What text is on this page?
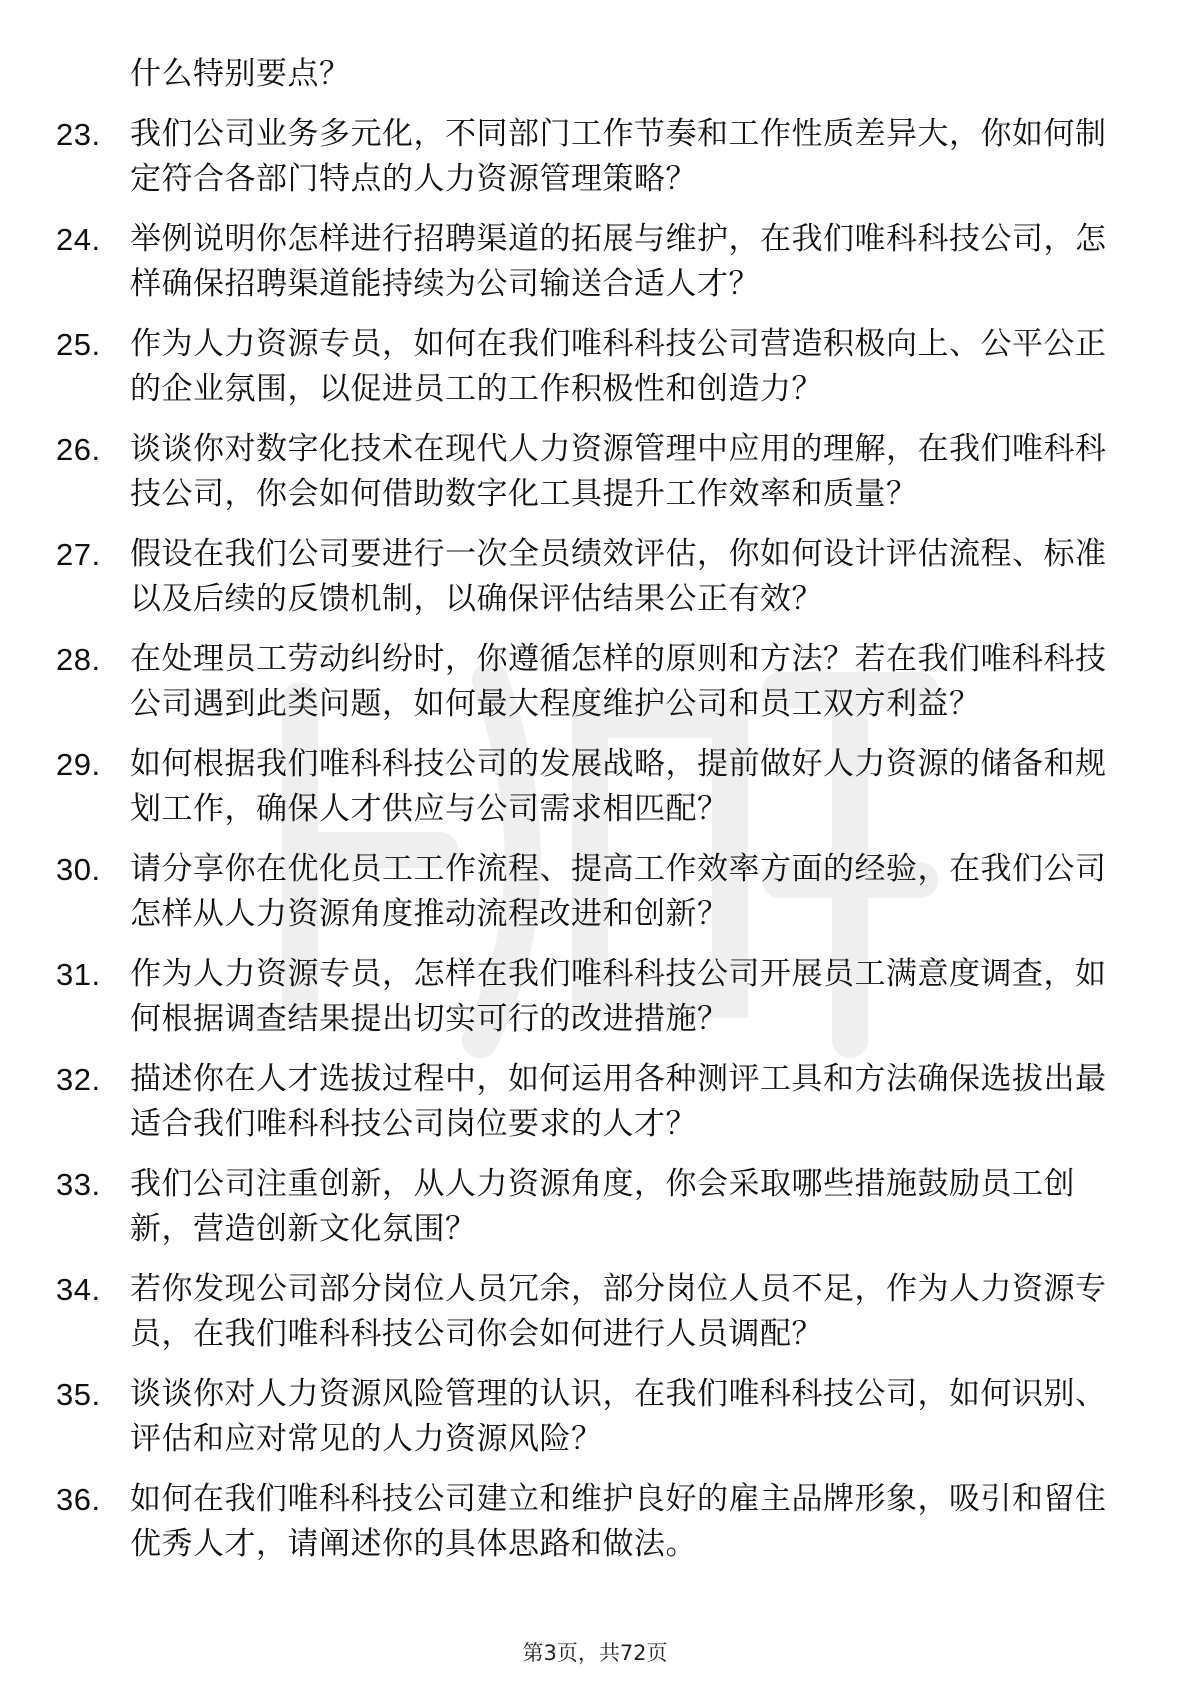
什么特别要点？
23. 我们公司业务多元化，不同部门工作节奏和工作性质差异大，你如何制定符合各部门特点的人力资源管理策略？
24. 举例说明你怎样进行招聘渠道的拓展与维护，在我们唯科科技公司，怎样确保招聘渠道能持续为公司输送合适人才？
25. 作为人力资源专员，如何在我们唯科科技公司营造积极向上、公平公正的企业氛围，以促进员工的工作积极性和创造力？
26. 谈谈你对数字化技术在现代人力资源管理中应用的理解，在我们唯科科技公司，你会如何借助数字化工具提升工作效率和质量？
27. 假设在我们公司要进行一次全员绩效评估，你如何设计评估流程、标准以及后续的反馈机制，以确保评估结果公正有效？
28. 在处理员工劳动纠纷时，你遵循怎样的原则和方法？若在我们唯科科技公司遇到此类问题，如何最大程度维护公司和员工双方利益？
29. 如何根据我们唯科科技公司的发展战略，提前做好人力资源的储备和规划工作，确保人才供应与公司需求相匹配？
30. 请分享你在优化员工工作流程、提高工作效率方面的经验，在我们公司怎样从人力资源角度推动流程改进和创新？
31. 作为人力资源专员，怎样在我们唯科科技公司开展员工满意度调查，如何根据调查结果提出切实可行的改进措施？
32. 描述你在人才选拔过程中，如何运用各种测评工具和方法确保选拔出最适合我们唯科科技公司岗位要求的人才？
33. 我们公司注重创新，从人力资源角度，你会采取哪些措施鼓励员工创新，营造创新文化氛围？
34. 若你发现公司部分岗位人员冗余，部分岗位人员不足，作为人力资源专员，在我们唯科科技公司你会如何进行人员调配？
35. 谈谈你对人力资源风险管理的认识，在我们唯科科技公司，如何识别、评估和应对常见的人力资源风险？
36. 如何在我们唯科科技公司建立和维护良好的雇主品牌形象，吸引和留住优秀人才，请阐述你的具体思路和做法。
第3页，共72页
